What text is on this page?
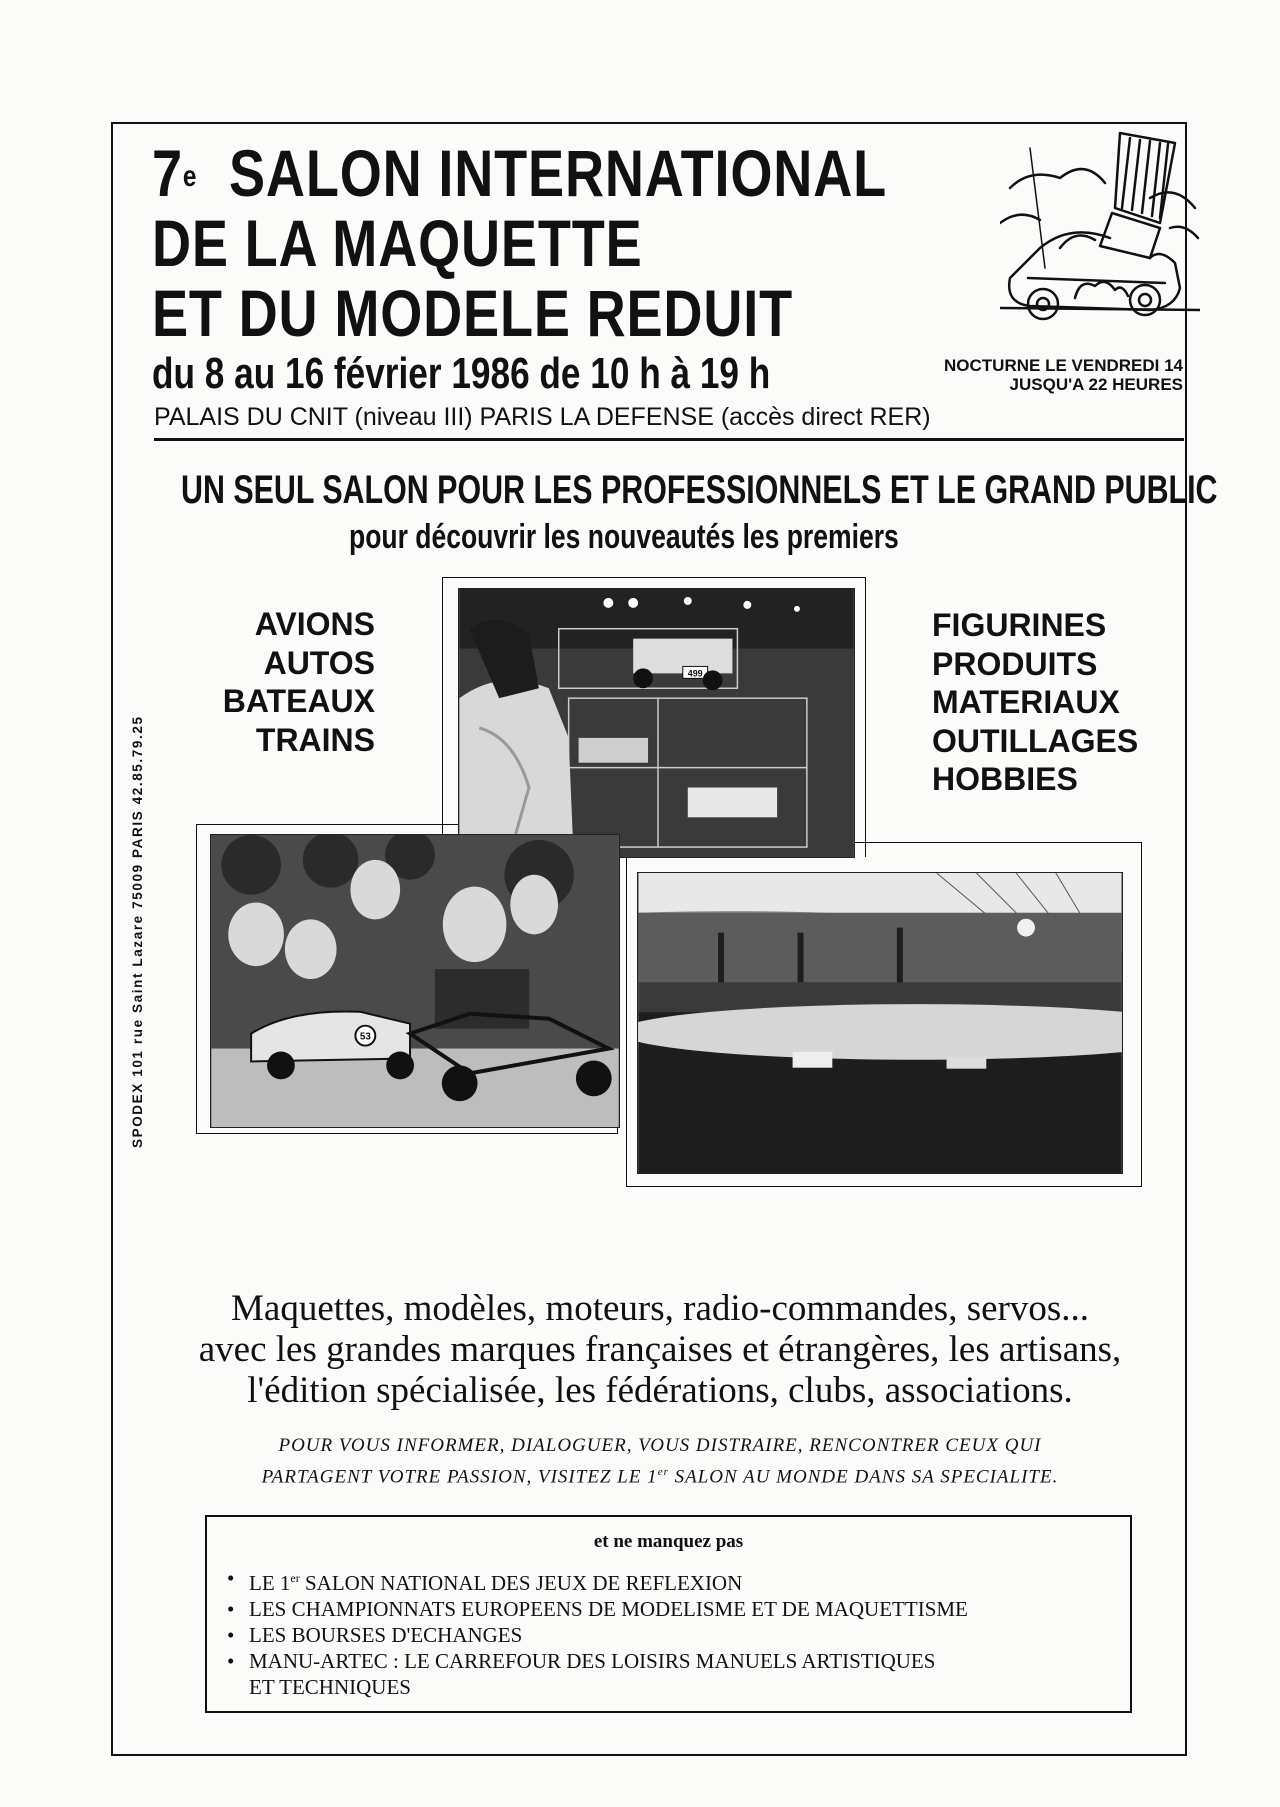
7e SALON INTERNATIONAL
DE LA MAQUETTE
ET DU MODELE REDUIT
du 8 au 16 février 1986 de 10 h à 19 h	NOCTURNE LE VENDREDI 14
JUSQU'A 22 HEURES
PALAIS DU CNIT (niveau III) PARIS LA DEFENSE (accès direct RER)
UN SEUL SALON POUR LES PROFESSIONNELS ET LE GRAND PUBLIC
pour découvrir les nouveautés les premiers
499
53
AVIONS
AUTOS
BATEAUX
TRAINS
FIGURINES
PRODUITS
MATERIAUX
OUTILLAGES
HOBBIES
SPODEX 101 rue Saint Lazare 75009 PARIS 42.85.79.25
Maquettes, modèles, moteurs, radio-commandes, servos...
avec les grandes marques françaises et étrangères, les artisans,
l'édition spécialisée, les fédérations, clubs, associations.
POUR VOUS INFORMER, DIALOGUER, VOUS DISTRAIRE, RENCONTRER CEUX QUI
PARTAGENT VOTRE PASSION, VISITEZ LE 1er SALON AU MONDE DANS SA SPECIALITE.
et ne manquez pas
• LE 1er SALON NATIONAL DES JEUX DE REFLEXION
• LES CHAMPIONNATS EUROPEENS DE MODELISME ET DE MAQUETTISME
• LES BOURSES D'ECHANGES
• MANU-ARTEC : LE CARREFOUR DES LOISIRS MANUELS ARTISTIQUES
ET TECHNIQUES
